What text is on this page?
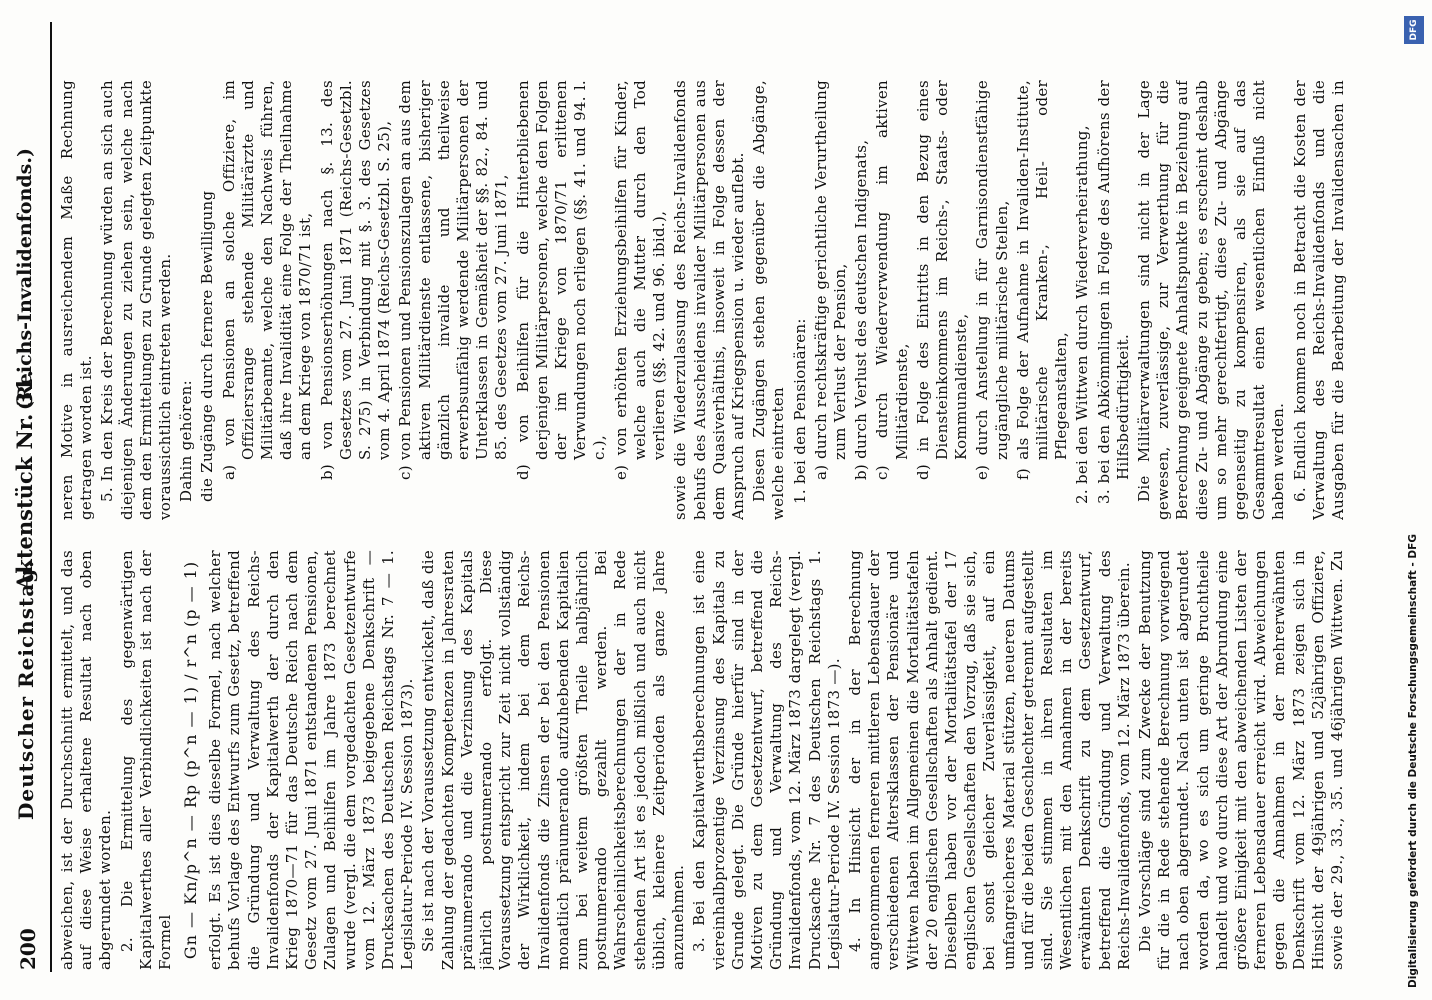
200
Deutscher Reichstag.
Aktenstück Nr. 31.
(Reichs-Invalidenfonds.)

abweichen, ist der Durchschnitt ermittelt, und das auf diese Weise erhaltene Resultat nach oben abgerundet worden. 2. Die Ermittelung des gegenwärtigen Kapitalwerthes aller Verbindlichkeiten ist nach der Formel Gn — Kn/p^n — Rp (p^n — 1) / r^n (p — 1) erfolgt. Es ist dies dieselbe Formel, nach welcher behufs Vorlage des Entwurfs zum Gesetz, betreffend die Gründung und Verwaltung des Reichs-Invalidenfonds der Kapitalwerth der durch den Krieg 1870—71 für das Deutsche Reich nach dem Gesetz vom 27. Juni 1871 entstandenen Pensionen, Zulagen und Beihilfen im Jahre 1873 berechnet wurde (vergl. die dem vorgedachten Gesetzentwurfe vom 12. März 1873 beigegebene Denkschrift — Drucksachen des Deutschen Reichstags Nr. 7 — 1. Legislatur-Periode IV. Session 1873). Sie ist nach der Voraussetzung entwickelt, daß die Zahlung der gedachten Kompetenzen in Jahresraten pränumerando und die Verzinsung des Kapitals jährlich postnumerando erfolgt. Diese Voraussetzung entspricht zur Zeit nicht vollständig der Wirklichkeit, indem bei dem Reichs-Invalidenfonds die Zinsen der bei den Pensionen monatlich pränumerando aufzuhebenden Kapitalien zum bei weitem größten Theile halbjährlich postnumerando gezahlt werden. Bei Wahrscheinlichkeitsberechnungen der in Rede stehenden Art ist es jedoch mißlich und auch nicht üblich, kleinere Zeitperioden als ganze Jahre anzunehmen. 3. Bei den Kapitalwerthsberechnungen ist eine viereinhalbprozentige Verzinsung des Kapitals zu Grunde gelegt. Die Gründe hierfür sind in der Motiven zu dem Gesetzentwurf, betreffend die Gründung und Verwaltung des Reichs-Invalidenfonds, vom 12. März 1873 dargelegt (vergl. Drucksache Nr. 7 des Deutschen Reichstags 1. Legislatur-Periode IV. Session 1873 —). 4. In Hinsicht der in der Berechnung angenommenen ferneren mittleren Lebensdauer der verschiedenen Altersklassen der Pensionäre und Wittwen haben im Allgemeinen die Mortalitätstafeln der 20 englischen Gesellschaften als Anhalt gedient. Dieselben haben vor der Mortalitätstafel der 17 englischen Gesellschaften den Vorzug, daß sie sich, bei sonst gleicher Zuverlässigkeit, auf ein umfangreicheres Material stützen, neueren Datums und für die beiden Geschlechter getrennt aufgestellt sind. Sie stimmen in ihren Resultaten im Wesentlichen mit den Annahmen in der bereits erwähnten Denkschrift zu dem Gesetzentwurf, betreffend die Gründung und Verwaltung des Reichs-Invalidenfonds, vom 12. März 1873 überein. Die Vorschläge sind zum Zwecke der Benutzung für die in Rede stehende Berechnung vorwiegend nach oben abgerundet. Nach unten ist abgerundet worden da, wo es sich um geringe Bruchtheile handelt und wo durch diese Art der Abrundung eine größere Einigkeit mit den abweichenden Listen der ferneren Lebensdauer erreicht wird. Abweichungen gegen die Annahmen in der mehrerwähnten Denkschrift vom 12. März 1873 zeigen sich in Hinsicht der 49jährigen und 52jährigen Offiziere, sowie der 29., 33., 35. und 46jährigen Wittwen. Zu

neren Motive in ausreichendem Maße Rechnung getragen worden ist. 5. In den Kreis der Berechnung würden an sich auch diejenigen Änderungen zu ziehen sein, welche nach dem den Ermittelungen zu Grunde gelegten Zeitpunkte voraussichtlich eintreten werden. Dahin gehören: die Zugänge durch fernere Bewilligung a) von Pensionen an solche Offiziere, im Offiziersrange stehende Militärärzte und Militärbeamte, welche den Nachweis führen, daß ihre Invalidität eine Folge der Theilnahme an dem Kriege von 1870/71 ist, b) von Pensionserhöhungen nach §. 13. des Gesetzes vom 27. Juni 1871 (Reichs-Gesetzbl. S. 275) in Verbindung mit §. 3. des Gesetzes vom 4. April 1874 (Reichs-Gesetzbl. S. 25), c) von Pensionen und Pensionszulagen an aus dem aktiven Militärdienste entlassene, bisheriger gänzlich invalide und theilweise erwerbsunfähig werdende Militärpersonen der Unterklassen in Gemäßheit der §§. 82., 84. und 85. des Gesetzes vom 27. Juni 1871, d) von Beihilfen für die Hinterbliebenen derjenigen Militärpersonen, welche den Folgen der im Kriege von 1870/71 erlittenen Verwundungen noch erliegen (§§. 41. und 94. l. c.), e) von erhöhten Erziehungsbeihilfen für Kinder, welche auch die Mutter durch den Tod verlieren (§§. 42. und 96. ibid.), sowie die Wiederzulassung des Reichs-Invalidenfonds behufs des Ausscheidens invalider Militärpersonen aus dem Quasiverhältnis, insoweit in Folge dessen der Anspruch auf Kriegspension u. wieder auflebt. Diesen Zugängen stehen gegenüber die Abgänge, welche eintreten 1. bei den Pensionären: a) durch rechtskräftige gerichtliche Verurtheilung zum Verlust der Pension, b) durch Verlust des deutschen Indigenats, c) durch Wiederverwendung im aktiven Militärdienste, d) in Folge des Eintritts in den Bezug eines Diensteinkommens im Reichs-, Staats- oder Kommunaldienste, e) durch Anstellung in für Garnisondienstfähige zugängliche militärische Stellen, f) als Folge der Aufnahme in Invaliden-Institute, militärische Kranken-, Heil- oder Pflegeanstalten, 2. bei den Wittwen durch Wiederverheirathung, 3. bei den Abkömmlingen in Folge des Aufhörens der Hilfsbedürftigkeit. Die Militärverwaltungen sind nicht in der Lage gewesen, zuverlässige, zur Verwerthung für die Berechnung geeignete Anhaltspunkte in Beziehung auf diese Zu- und Abgänge zu geben; es erscheint deshalb um so mehr gerechtfertigt, diese Zu- und Abgänge gegenseitig zu kompensiren, als sie auf das Gesammtresultat einen wesentlichen Einfluß nicht haben werden. 6. Endlich kommen noch in Betracht die Kosten der Verwaltung des Reichs-Invalidenfonds und die Ausgaben für die Bearbeitung der Invalidensachen in

Digitalisierung gefördert durch die Deutsche Forschungsgemeinschaft - DFG
DFG
